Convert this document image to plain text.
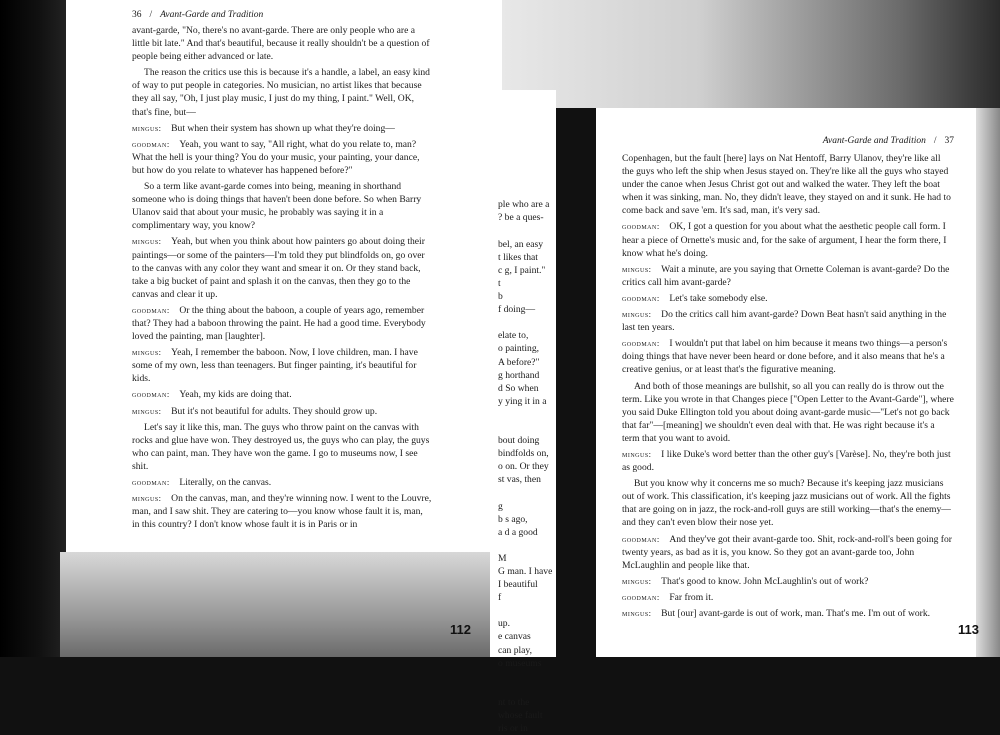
36 / Avant-Garde and Tradition

avant-garde, "No, there's no avant-garde. There are only people who are a little bit late." And that's beautiful, because it really shouldn't be a question of people being either advanced or late.

The reason the critics use this is because it's a handle, a label, an easy kind of way to put people in categories. No musician, no artist likes that because they all say, "Oh, I just play music, I just do my thing, I paint." Well, OK, that's fine, but—

mingus:  But when their system has shown up what they're doing—

goodman:  Yeah, you want to say, "All right, what do you relate to, man? What the hell is your thing? You do your music, your painting, your dance, but how do you relate to whatever has happened before?"

So a term like avant-garde comes into being, meaning in shorthand someone who is doing things that haven't been done before. So when Barry Ulanov said that about your music, he probably was saying it in a complimentary way, you know?

mingus:  Yeah, but when you think about how painters go about doing their paintings—or some of the painters—I'm told they put blindfolds on, go over to the canvas with any color they want and smear it on. Or they stand back, take a big bucket of paint and splash it on the canvas, then they go to the canvas and clear it up.

goodman:  Or the thing about the baboon, a couple of years ago, remember that? They had a baboon throwing the paint. He had a good time. Everybody loved the painting, man [laughter].

mingus:  Yeah, I remember the baboon. Now, I love children, man. I have some of my own, less than teenagers. But finger painting, it's beautiful for kids.

goodman:  Yeah, my kids are doing that.

mingus:  But it's not beautiful for adults. They should grow up.

Let's say it like this, man. The guys who throw paint on the canvas with rocks and glue have won. They destroyed us, the guys who can play, the guys who can paint, man. They have won the game. I go to museums now, I see shit.

goodman:  Literally, on the canvas.

mingus:  On the canvas, man, and they're winning now. I went to the Louvre, man, and I saw shit. They are catering to—you know whose fault it is, man, in this country? I don't know whose fault it is in Paris or in

ple who are a

? be a ques-

bel, an easy

t likes that

c g, I paint."

t

b

f doing—

elate to,

o painting,

A before?"

g horthand

d So when

y ying it in a

bout doing

bindfolds on,

o on. Or they

st vas, then

g

b s ago,

a d a good

M

G man. I have

I beautiful

f

up.

e canvas

can play,

o museums

nt to the

whose fault

ris or in

Avant-Garde and Tradition / 37

Copenhagen, but the fault [here] lays on Nat Hentoff, Barry Ulanov, they're like all the guys who left the ship when Jesus stayed on. They're like all the guys who stayed under the canoe when Jesus Christ got out and walked the water. They left the boat when it was sinking, man. No, they didn't leave, they stayed on and it sunk. He had to come back and save 'em. It's sad, man, it's very sad.

goodman:  OK, I got a question for you about what the aesthetic people call form. I hear a piece of Ornette's music and, for the sake of argument, I hear the form there, I know what he's doing.

mingus:  Wait a minute, are you saying that Ornette Coleman is avant-garde? Do the critics call him avant-garde?

goodman:  Let's take somebody else.

mingus:  Do the critics call him avant-garde? Down Beat hasn't said anything in the last ten years.

goodman:  I wouldn't put that label on him because it means two things—a person's doing things that have never been heard or done before, and it also means that he's a creative genius, or at least that's the figurative meaning.

And both of those meanings are bullshit, so all you can really do is throw out the term. Like you wrote in that Changes piece ["Open Letter to the Avant-Garde"], where you said Duke Ellington told you about doing avant-garde music—"Let's not go back that far"—[meaning] we shouldn't even deal with that. He was right because it's a term that you want to avoid.

mingus:  I like Duke's word better than the other guy's [Varèse]. No, they're both just as good.

But you know why it concerns me so much? Because it's keeping jazz musicians out of work. This classification, it's keeping jazz musicians out of work. All the fights that are going on in jazz, the rock-and-roll guys are still working—that's the enemy—and they can't even blow their nose yet.

goodman:  And they've got their avant-garde too. Shit, rock-and-roll's been going for twenty years, as bad as it is, you know. So they got an avant-garde too, John McLaughlin and people like that.

mingus:  That's good to know. John McLaughlin's out of work?

goodman:  Far from it.

mingus:  But [our] avant-garde is out of work, man. That's me. I'm out of work.

112	113
